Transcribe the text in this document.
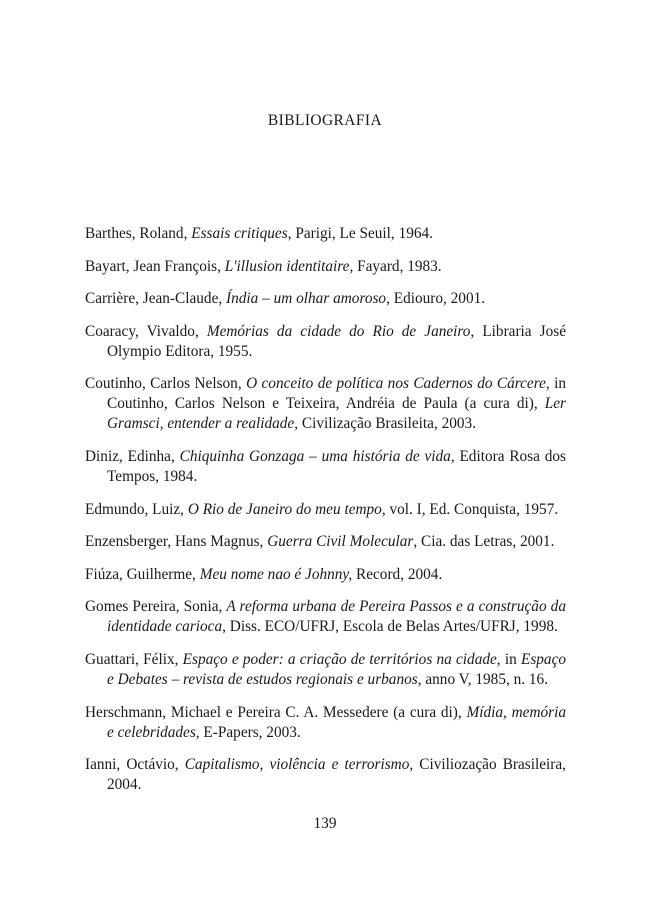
BIBLIOGRAFIA
Barthes, Roland, Essais critiques, Parigi, Le Seuil, 1964.
Bayart, Jean François, L'illusion identitaire, Fayard, 1983.
Carrière, Jean-Claude, Índia – um olhar amoroso, Ediouro, 2001.
Coaracy, Vivaldo, Memórias da cidade do Rio de Janeiro, Libraria José Olympio Editora, 1955.
Coutinho, Carlos Nelson, O conceito de política nos Cadernos do Cárcere, in Coutinho, Carlos Nelson e Teixeira, Andréia de Paula (a cura di), Ler Gramsci, entender a realidade, Civilização Brasileita, 2003.
Diniz, Edinha, Chiquinha Gonzaga – uma história de vida, Editora Rosa dos Tempos, 1984.
Edmundo, Luiz, O Rio de Janeiro do meu tempo, vol. I, Ed. Conquista, 1957.
Enzensberger, Hans Magnus, Guerra Civil Molecular, Cia. das Letras, 2001.
Fiúza, Guilherme, Meu nome nao é Johnny, Record, 2004.
Gomes Pereira, Sonia, A reforma urbana de Pereira Passos e a construção da identidade carioca, Diss. ECO/UFRJ, Escola de Belas Artes/UFRJ, 1998.
Guattari, Félix, Espaço e poder: a criação de territórios na cidade, in Espaço e Debates – revista de estudos regionais e urbanos, anno V, 1985, n. 16.
Herschmann, Michael e Pereira C. A. Messedere (a cura di), Mídia, memória e celebridades, E-Papers, 2003.
Ianni, Octávio, Capitalismo, violência e terrorismo, Civiliozação Brasileira, 2004.
139
